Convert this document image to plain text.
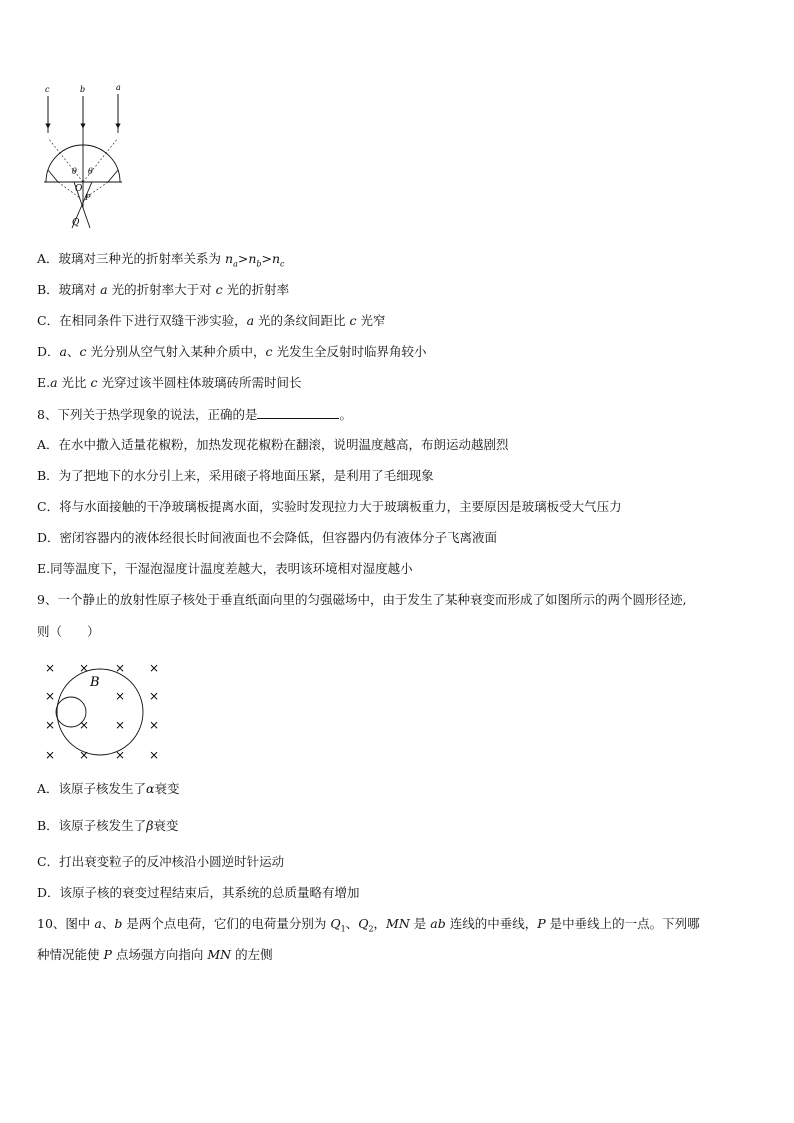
c	b	a
θ θ
O
P
Q
A．玻璃对三种光的折射率关系为 $n_a>n_b>n_c$
B．玻璃对 a 光的折射率大于对 c 光的折射率
C．在相同条件下进行双缝干涉实验，a 光的条纹间距比 c 光窄
D．a、c 光分别从空气射入某种介质中，c 光发生全反射时临界角较小
E.a 光比 c 光穿过该半圆柱体玻璃砖所需时间长
8、下列关于热学现象的说法，正确的是	。
A．在水中撒入适量花椒粉，加热发现花椒粉在翻滚，说明温度越高，布朗运动越剧烈
B．为了把地下的水分引上来，采用磙子将地面压紧，是利用了毛细现象
C．将与水面接触的干净玻璃板提离水面，实验时发现拉力大于玻璃板重力，主要原因是玻璃板受大气压力
D．密闭容器内的液体经很长时间液面也不会降低，但容器内仍有液体分子飞离液面
E.同等温度下，干湿泡湿度计温度差越大，表明该环境相对湿度越小
9、一个静止的放射性原子核处于垂直纸面向里的匀强磁场中，由于发生了某种衰变而形成了如图所示的两个圆形径迹,
则（　　）
B
× × × ×
×	× ×
× × × ×
× × × ×
A．该原子核发生了α衰变
B．该原子核发生了β衰变
C．打出衰变粒子的反冲核沿小圆逆时针运动
D．该原子核的衰变过程结束后，其系统的总质量略有增加
10、图中 a、b 是两个点电荷，它们的电荷量分别为 $Q_1$、$Q_2$，MN 是 ab 连线的中垂线，P 是中垂线上的一点。下列哪
种情况能使 P 点场强方向指向 MN 的左侧
